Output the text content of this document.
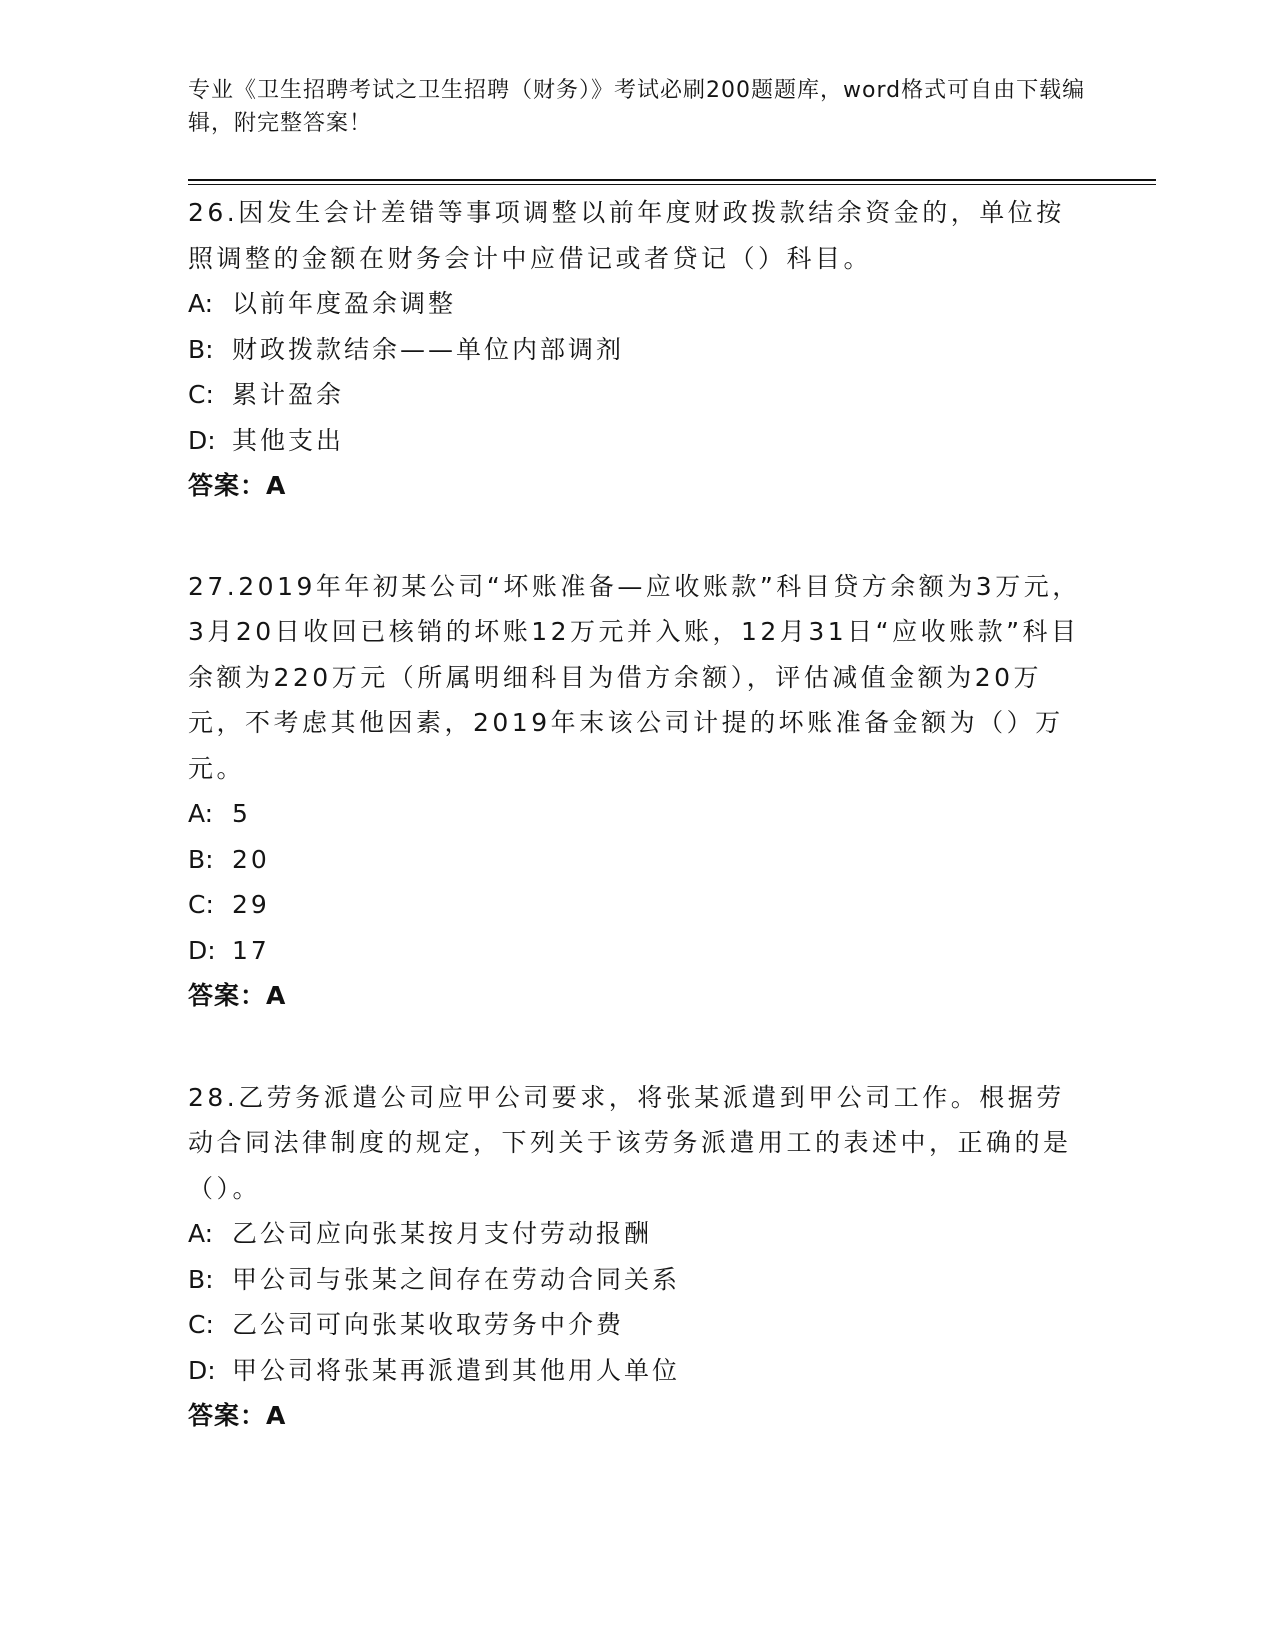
专业《卫生招聘考试之卫生招聘（财务）》考试必刷200题题库，word格式可自由下载编辑，附完整答案！

26.因发生会计差错等事项调整以前年度财政拨款结余资金的，单位按照调整的金额在财务会计中应借记或者贷记（）科目。

A: 以前年度盈余调整
B: 财政拨款结余——单位内部调剂
C: 累计盈余
D: 其他支出
答案：A

27.2019年年初某公司“坏账准备—应收账款”科目贷方余额为3万元，3月20日收回已核销的坏账12万元并入账，12月31日“应收账款”科目余额为220万元（所属明细科目为借方余额），评估减值金额为20万元，不考虑其他因素，2019年末该公司计提的坏账准备金额为（）万元。

A: 5
B: 20
C: 29
D: 17
答案：A

28.乙劳务派遣公司应甲公司要求，将张某派遣到甲公司工作。根据劳动合同法律制度的规定，下列关于该劳务派遣用工的表述中，正确的是（）。

A: 乙公司应向张某按月支付劳动报酬
B: 甲公司与张某之间存在劳动合同关系
C: 乙公司可向张某收取劳务中介费
D: 甲公司将张某再派遣到其他用人单位
答案：A
